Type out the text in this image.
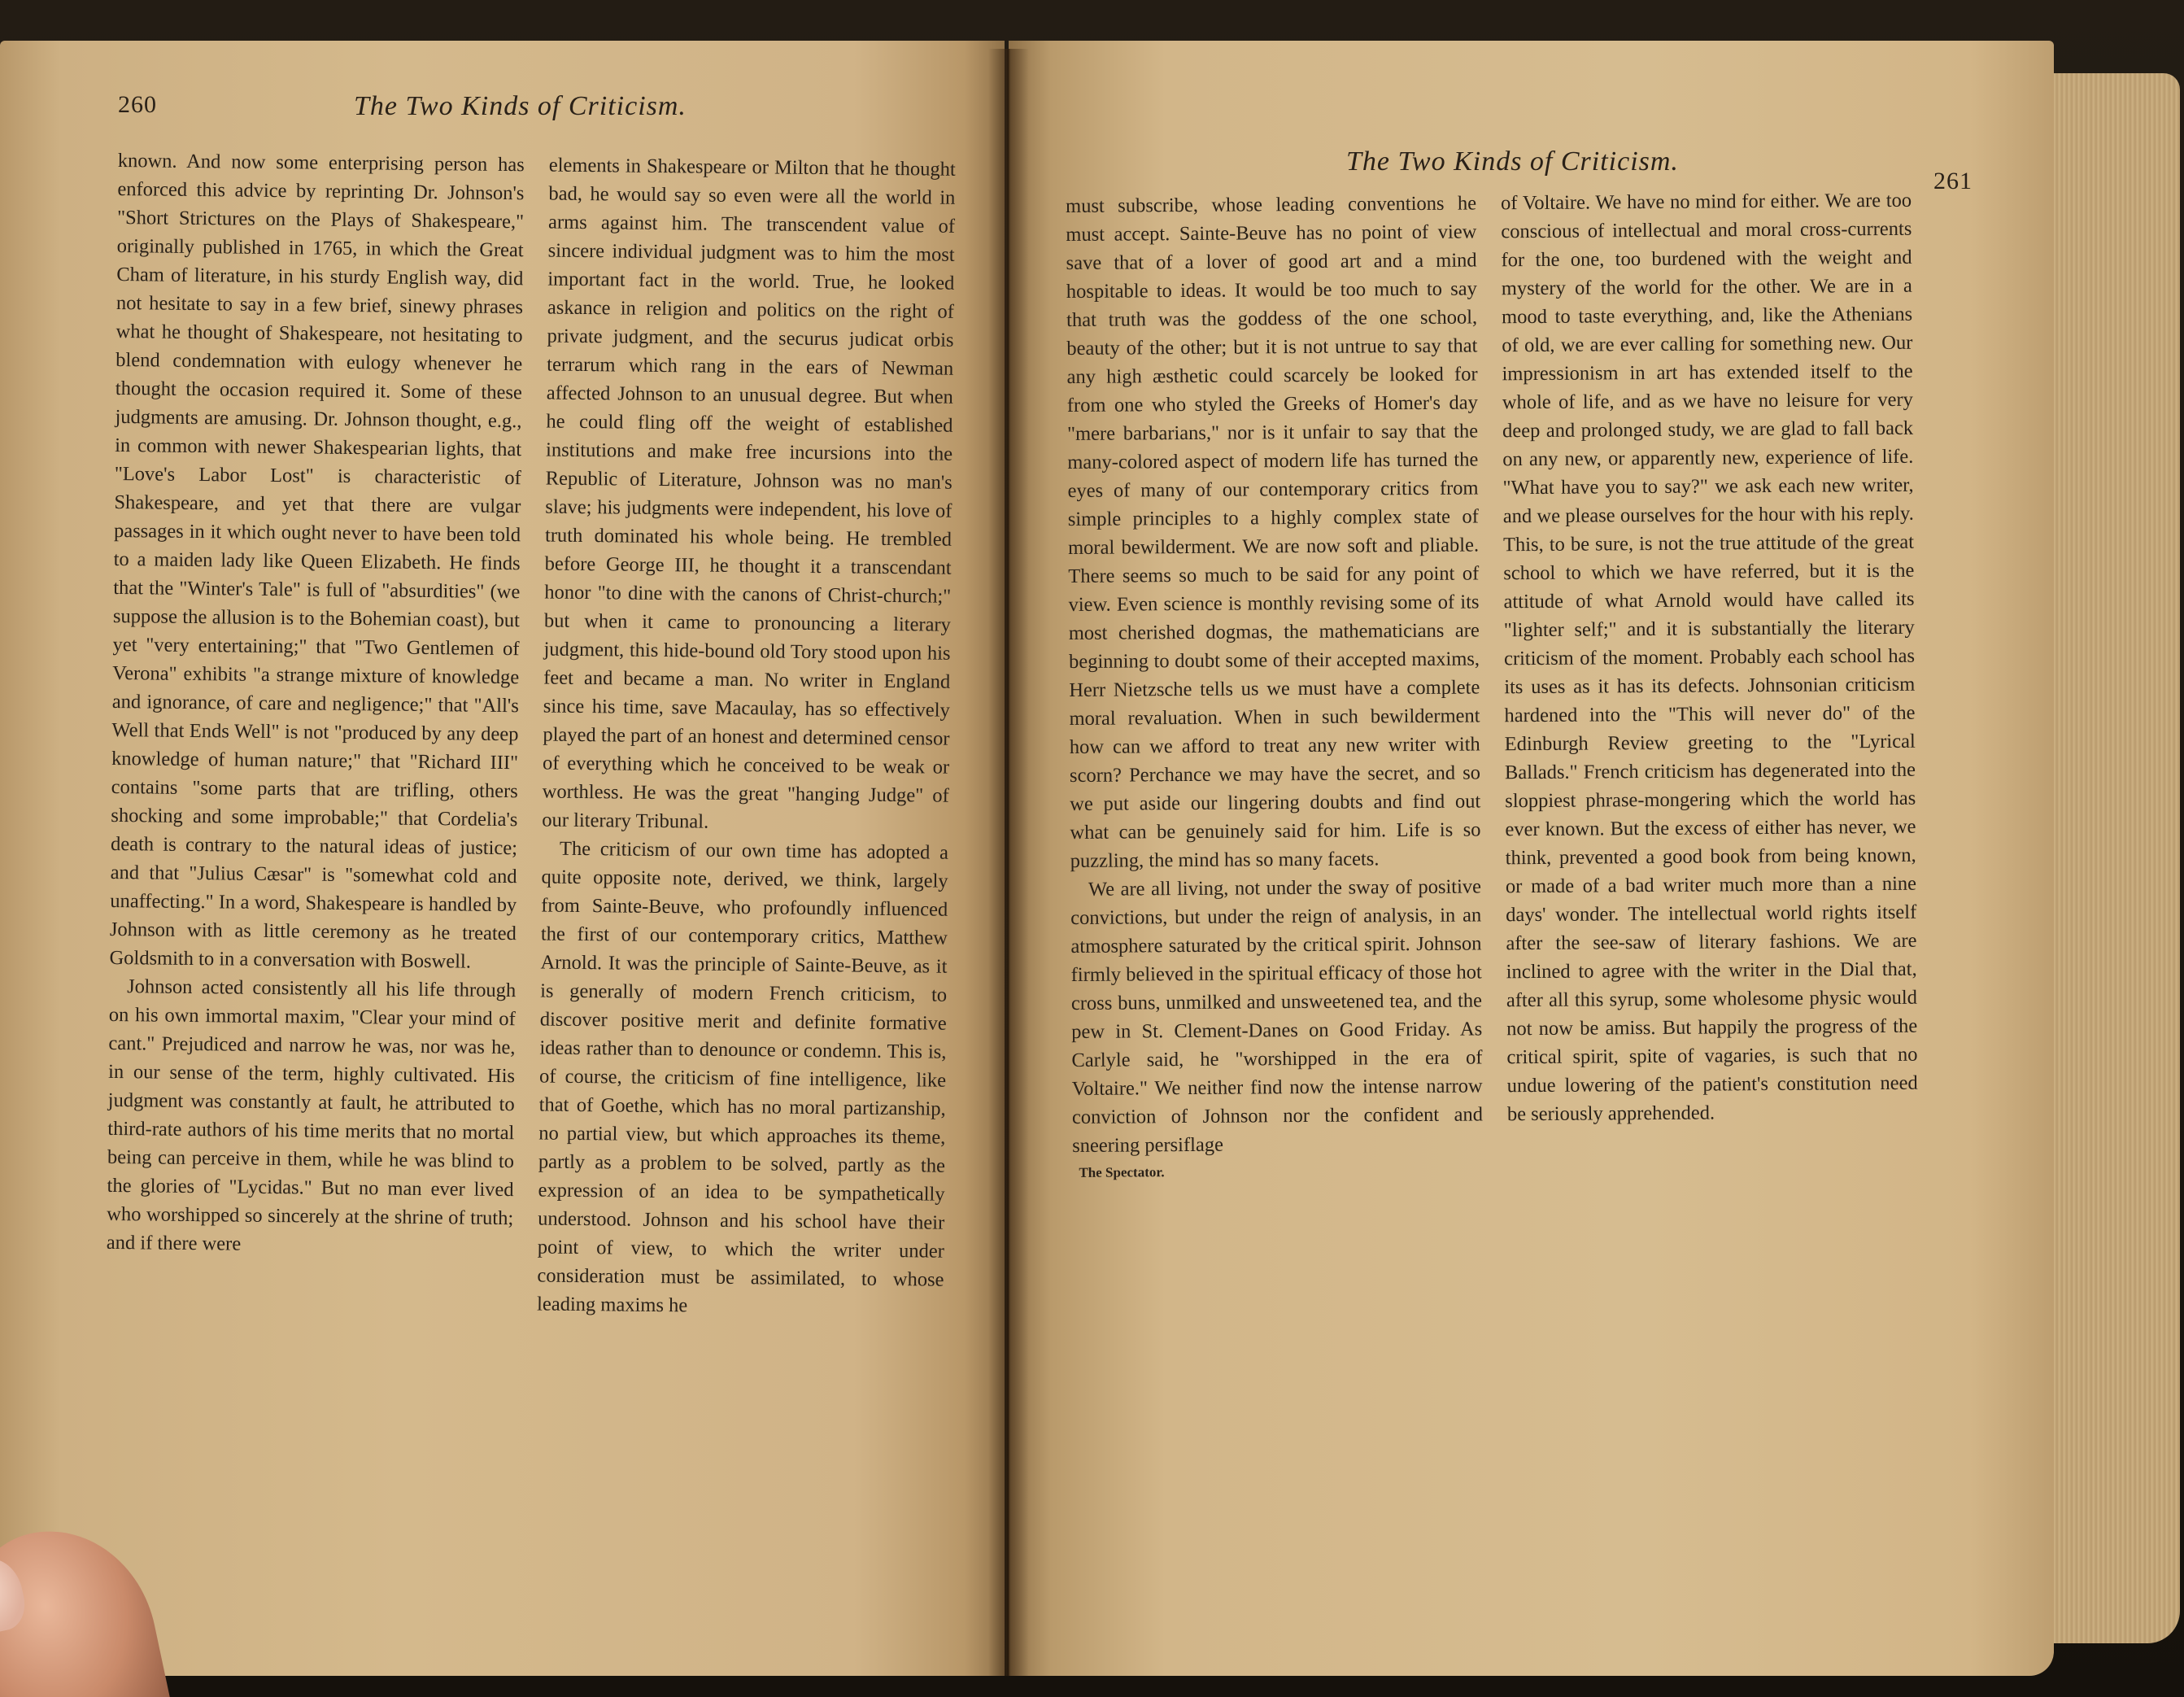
260	The Two Kinds of Criticism.

known. And now some enterprising person has enforced this advice by reprinting Dr. Johnson's "Short Strictures on the Plays of Shakespeare," originally published in 1765, in which the Great Cham of literature, in his sturdy English way, did not hesitate to say in a few brief, sinewy phrases what he thought of Shakespeare, not hesitating to blend condemnation with eulogy whenever he thought the occasion required it. Some of these judgments are amusing. Dr. Johnson thought, e.g., in common with newer Shakespearian lights, that "Love's Labor Lost" is characteristic of Shakespeare, and yet that there are vulgar passages in it which ought never to have been told to a maiden lady like Queen Elizabeth. He finds that the "Winter's Tale" is full of "absurdities" (we suppose the allusion is to the Bohemian coast), but yet "very entertaining;" that "Two Gentlemen of Verona" exhibits "a strange mixture of knowledge and ignorance, of care and negligence;" that "All's Well that Ends Well" is not "produced by any deep knowledge of human nature;" that "Richard III" contains "some parts that are trifling, others shocking and some improbable;" that Cordelia's death is contrary to the natural ideas of justice; and that "Julius Cæsar" is "somewhat cold and unaffecting." In a word, Shakespeare is handled by Johnson with as little ceremony as he treated Goldsmith to in a conversation with Boswell.

Johnson acted consistently all his life through on his own immortal maxim, "Clear your mind of cant." Prejudiced and narrow he was, nor was he, in our sense of the term, highly cultivated. His judgment was constantly at fault, he attributed to third-rate authors of his time merits that no mortal being can perceive in them, while he was blind to the glories of "Lycidas." But no man ever lived who worshipped so sincerely at the shrine of truth; and if there were

elements in Shakespeare or Milton that he thought bad, he would say so even were all the world in arms against him. The transcendent value of sincere individual judgment was to him the most important fact in the world. True, he looked askance in religion and politics on the right of private judgment, and the securus judicat orbis terrarum which rang in the ears of Newman affected Johnson to an unusual degree. But when he could fling off the weight of established institutions and make free incursions into the Republic of Literature, Johnson was no man's slave; his judgments were independent, his love of truth dominated his whole being. He trembled before George III, he thought it a transcendant honor "to dine with the canons of Christ-church;" but when it came to pronouncing a literary judgment, this hide-bound old Tory stood upon his feet and became a man. No writer in England since his time, save Macaulay, has so effectively played the part of an honest and determined censor of everything which he conceived to be weak or worthless. He was the great "hanging Judge" of our literary Tribunal.

The criticism of our own time has adopted a quite opposite note, derived, we think, largely from Sainte-Beuve, who profoundly influenced the first of our contemporary critics, Matthew Arnold. It was the principle of Sainte-Beuve, as it is generally of modern French criticism, to discover positive merit and definite formative ideas rather than to denounce or condemn. This is, of course, the criticism of fine intelligence, like that of Goethe, which has no moral partizanship, no partial view, but which approaches its theme, partly as a problem to be solved, partly as the expression of an idea to be sympathetically understood. Johnson and his school have their point of view, to which the writer under consideration must be assimilated, to whose leading maxims he

The Two Kinds of Criticism.
261

must subscribe, whose leading conventions he must accept. Sainte-Beuve has no point of view save that of a lover of good art and a mind hospitable to ideas. It would be too much to say that truth was the goddess of the one school, beauty of the other; but it is not untrue to say that any high æsthetic could scarcely be looked for from one who styled the Greeks of Homer's day "mere barbarians," nor is it unfair to say that the many-colored aspect of modern life has turned the eyes of many of our contemporary critics from simple principles to a highly complex state of moral bewilderment. We are now soft and pliable. There seems so much to be said for any point of view. Even science is monthly revising some of its most cherished dogmas, the mathematicians are beginning to doubt some of their accepted maxims, Herr Nietzsche tells us we must have a complete moral revaluation. When in such bewilderment how can we afford to treat any new writer with scorn? Perchance we may have the secret, and so we put aside our lingering doubts and find out what can be genuinely said for him. Life is so puzzling, the mind has so many facets.

We are all living, not under the sway of positive convictions, but under the reign of analysis, in an atmosphere saturated by the critical spirit. Johnson firmly believed in the spiritual efficacy of those hot cross buns, unmilked and unsweetened tea, and the pew in St. Clement-Danes on Good Friday. As Carlyle said, he "worshipped in the era of Voltaire." We neither find now the intense narrow conviction of Johnson nor the confident and sneering persiflage

The Spectator.

of Voltaire. We have no mind for either. We are too conscious of intellectual and moral cross-currents for the one, too burdened with the weight and mystery of the world for the other. We are in a mood to taste everything, and, like the Athenians of old, we are ever calling for something new. Our impressionism in art has extended itself to the whole of life, and as we have no leisure for very deep and prolonged study, we are glad to fall back on any new, or apparently new, experience of life. "What have you to say?" we ask each new writer, and we please ourselves for the hour with his reply. This, to be sure, is not the true attitude of the great school to which we have referred, but it is the attitude of what Arnold would have called its "lighter self;" and it is substantially the literary criticism of the moment. Probably each school has its uses as it has its defects. Johnsonian criticism hardened into the "This will never do" of the Edinburgh Review greeting to the "Lyrical Ballads." French criticism has degenerated into the sloppiest phrase-mongering which the world has ever known. But the excess of either has never, we think, prevented a good book from being known, or made of a bad writer much more than a nine days' wonder. The intellectual world rights itself after the see-saw of literary fashions. We are inclined to agree with the writer in the Dial that, after all this syrup, some wholesome physic would not now be amiss. But happily the progress of the critical spirit, spite of vagaries, is such that no undue lowering of the patient's constitution need be seriously apprehended.
